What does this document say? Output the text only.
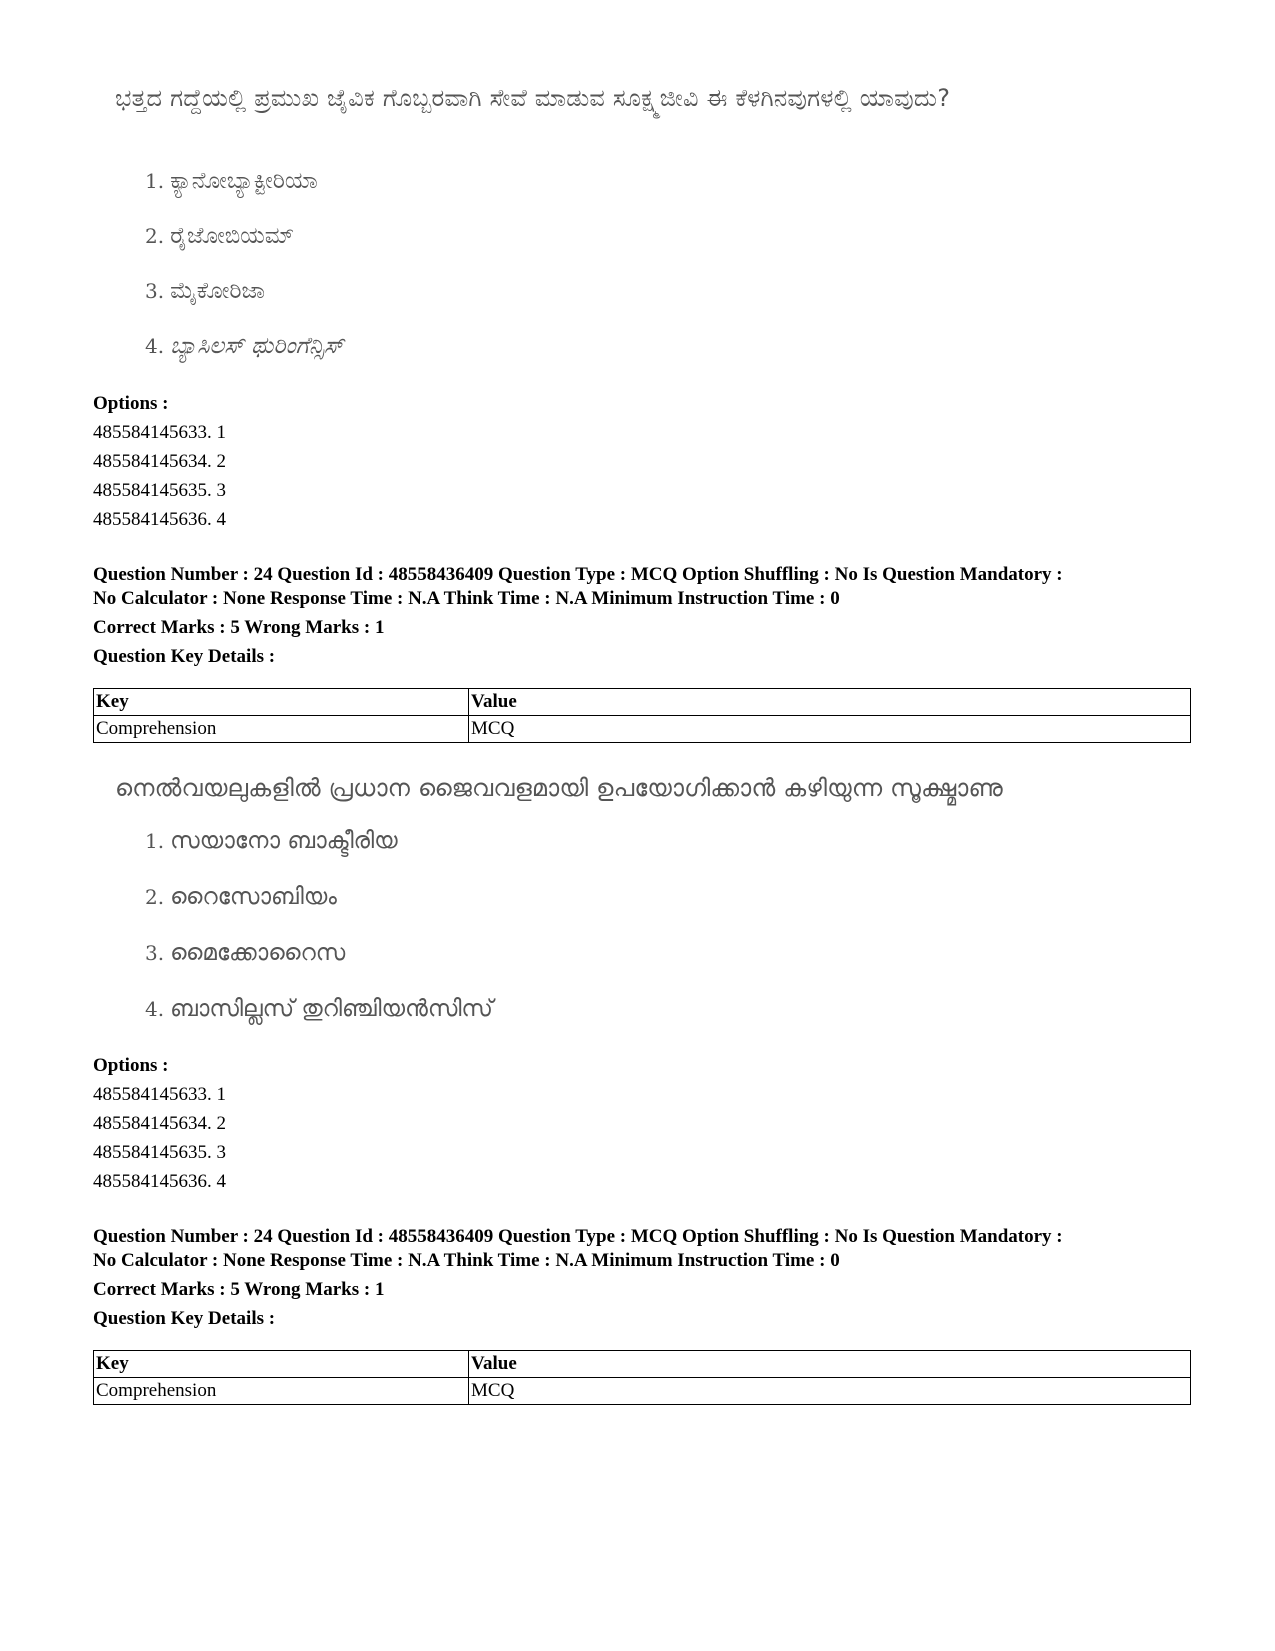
ಭತ್ತದ ಗದ್ದೆಯಲ್ಲಿ ಪ್ರಮುಖ ಜೈವಿಕ ಗೊಬ್ಬರವಾಗಿ ಸೇವೆ ಮಾಡುವ ಸೂಕ್ಷ್ಮಜೀವಿ ಈ ಕೆಳಗಿನವುಗಳಲ್ಲಿ ಯಾವುದು?

1. ಕ್ಯಾನೋಬ್ಯಾಕ್ಟೀರಿಯಾ
2. ರೈಜೋಬಿಯಮ್
3. ಮೈಕೋರಿಜಾ
4. ಬ್ಯಾಸಿಲಸ್ ಥುರಿಂಗೆನ್ಸಿಸ್
Options :
485584145633. 1
485584145634. 2
485584145635. 3
485584145636. 4

Question Number : 24 Question Id : 48558436409 Question Type : MCQ Option Shuffling : No Is Question Mandatory :

No Calculator : None Response Time : N.A Think Time : N.A Minimum Instruction Time : 0

Correct Marks : 5 Wrong Marks : 1

Question Key Details :

Key	Value
Comprehension	MCQ

നെൽവയലുകളിൽ പ്രധാന ജൈവവളമായി ഉപയോഗിക്കാൻ കഴിയുന്ന സൂക്ഷ്മാണു

1. സയാനോ ബാക്ടീരിയ
2. റൈസോബിയം
3. മൈക്കോറൈസ
4. ബാസില്ലസ് തുറിഞ്ചിയൻസിസ്
Options :
485584145633. 1
485584145634. 2
485584145635. 3
485584145636. 4

Question Number : 24 Question Id : 48558436409 Question Type : MCQ Option Shuffling : No Is Question Mandatory :

No Calculator : None Response Time : N.A Think Time : N.A Minimum Instruction Time : 0

Correct Marks : 5 Wrong Marks : 1

Question Key Details :

Key	Value
Comprehension	MCQ
